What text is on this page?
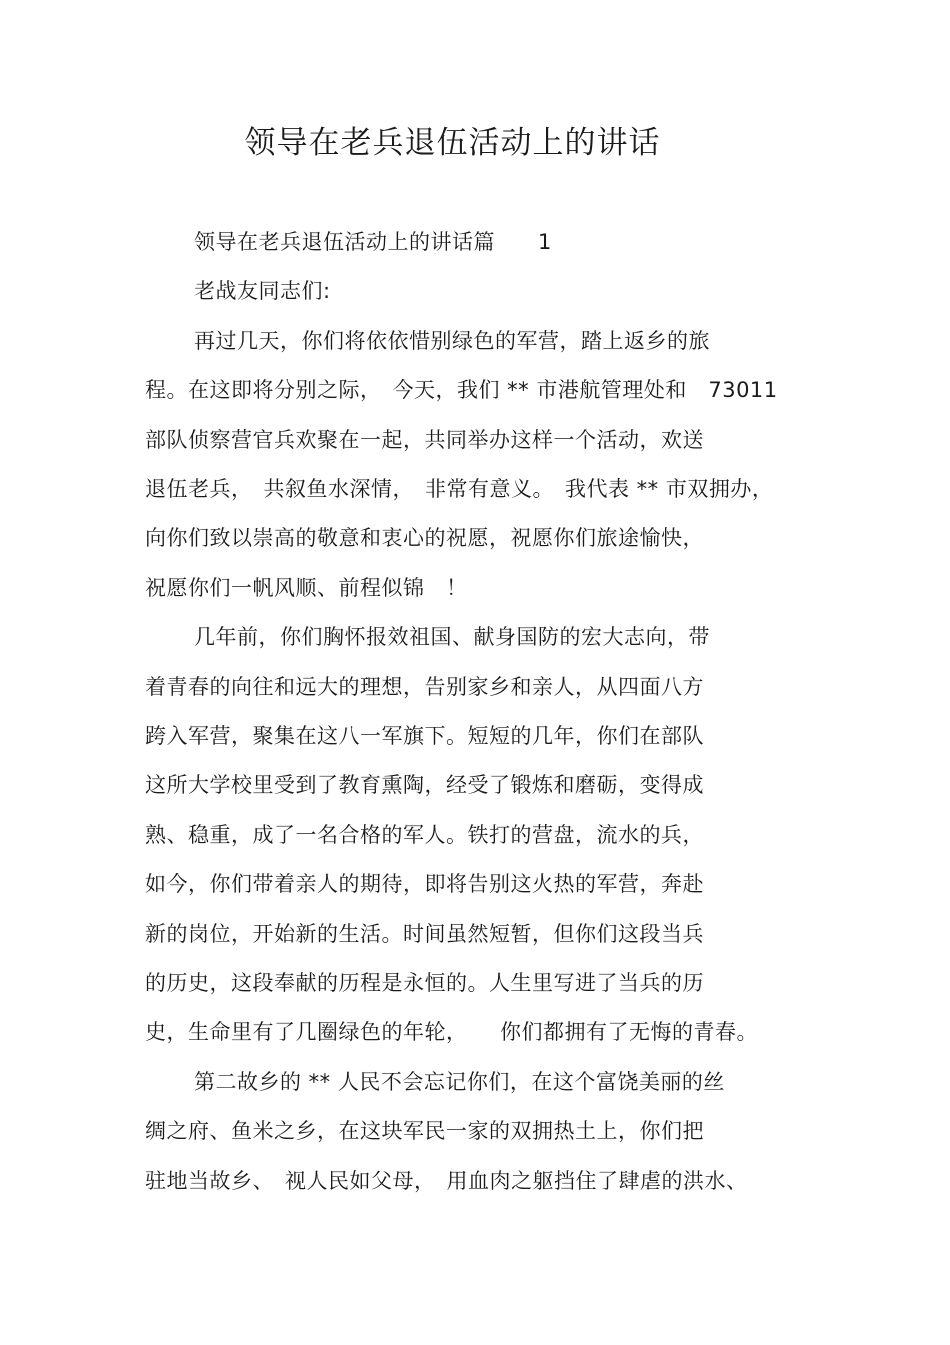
领导在老兵退伍活动上的讲话
领导在老兵退伍活动上的讲话篇　　1
老战友同志们:
再过几天，你们将依依惜别绿色的军营，踏上返乡的旅
程。在这即将分别之际，　今天，我们 ** 市港航管理处和　73011
部队侦察营官兵欢聚在一起，共同举办这样一个活动，欢送
退伍老兵，　共叙鱼水深情，　非常有意义。　我代表 ** 市双拥办，
向你们致以崇高的敬意和衷心的祝愿，祝愿你们旅途愉快，
祝愿你们一帆风顺、前程似锦　！
几年前，你们胸怀报效祖国、献身国防的宏大志向，带
着青春的向往和远大的理想，告别家乡和亲人，从四面八方
跨入军营，聚集在这八一军旗下。短短的几年，你们在部队
这所大学校里受到了教育熏陶，经受了锻炼和磨砺，变得成
熟、稳重，成了一名合格的军人。铁打的营盘，流水的兵，
如今，你们带着亲人的期待，即将告别这火热的军营，奔赴
新的岗位，开始新的生活。时间虽然短暂，但你们这段当兵
的历史，这段奉献的历程是永恒的。人生里写进了当兵的历
史，生命里有了几圈绿色的年轮，　　你们都拥有了无悔的青春。
第二故乡的 ** 人民不会忘记你们，在这个富饶美丽的丝
绸之府、鱼米之乡，在这块军民一家的双拥热土上，你们把
驻地当故乡、　视人民如父母，　用血肉之躯挡住了肆虐的洪水、
